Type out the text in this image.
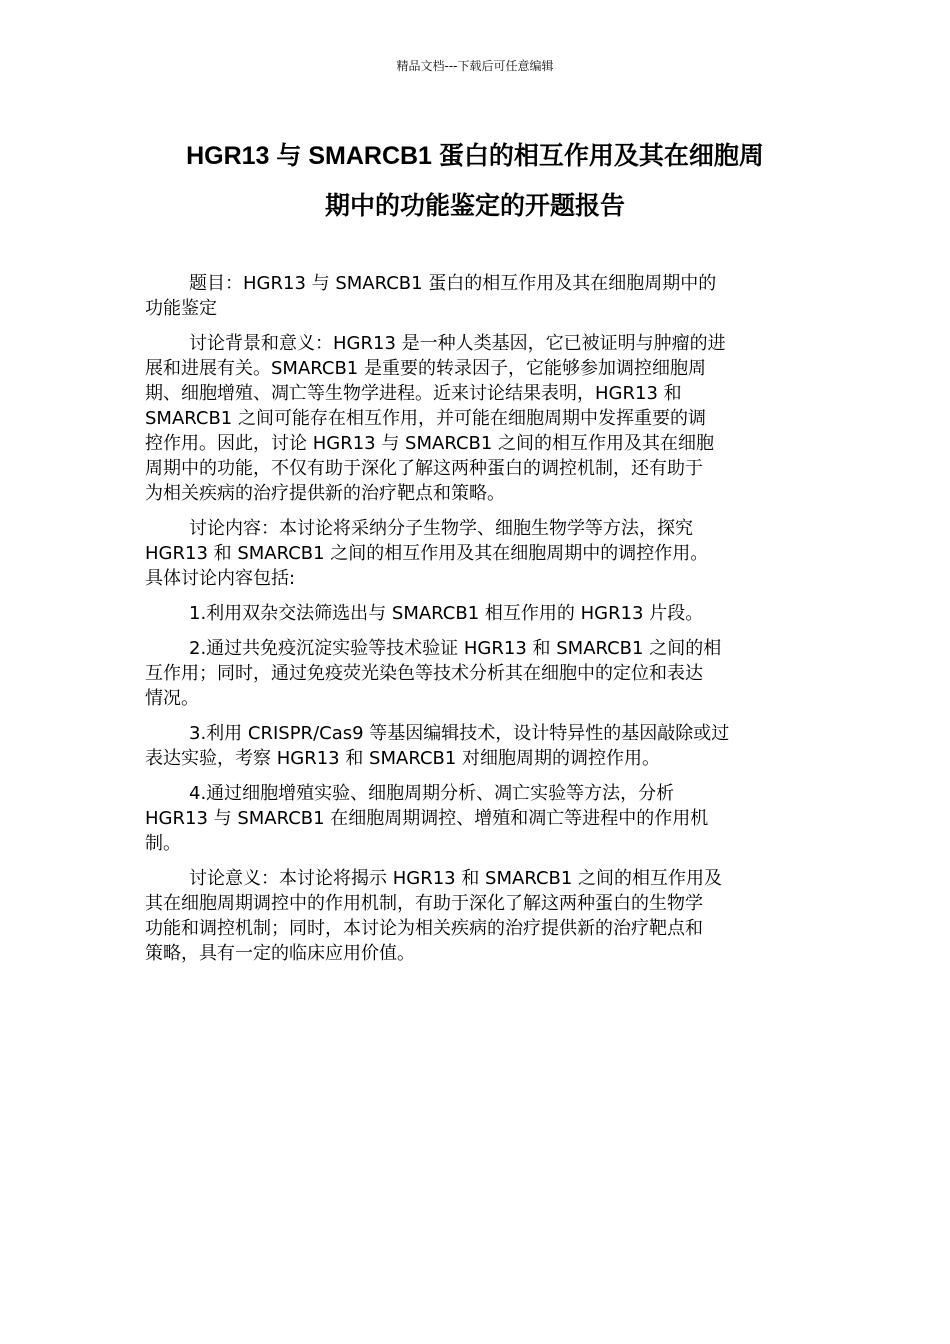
精品文档---下载后可任意编辑
HGR13 与 SMARCB1 蛋白的相互作用及其在细胞周
期中的功能鉴定的开题报告

题目：HGR13 与 SMARCB1 蛋白的相互作用及其在细胞周期中的
功能鉴定

讨论背景和意义：HGR13 是一种人类基因，它已被证明与肿瘤的进
展和进展有关。SMARCB1 是重要的转录因子，它能够参加调控细胞周
期、细胞增殖、凋亡等生物学进程。近来讨论结果表明，HGR13 和
SMARCB1 之间可能存在相互作用，并可能在细胞周期中发挥重要的调
控作用。因此，讨论 HGR13 与 SMARCB1 之间的相互作用及其在细胞
周期中的功能，不仅有助于深化了解这两种蛋白的调控机制，还有助于
为相关疾病的治疗提供新的治疗靶点和策略。

讨论内容：本讨论将采纳分子生物学、细胞生物学等方法，探究
HGR13 和 SMARCB1 之间的相互作用及其在细胞周期中的调控作用。
具体讨论内容包括:

1.利用双杂交法筛选出与 SMARCB1 相互作用的 HGR13 片段。

2.通过共免疫沉淀实验等技术验证 HGR13 和 SMARCB1 之间的相
互作用；同时，通过免疫荧光染色等技术分析其在细胞中的定位和表达
情况。

3.利用 CRISPR/Cas9 等基因编辑技术，设计特异性的基因敲除或过
表达实验，考察 HGR13 和 SMARCB1 对细胞周期的调控作用。

4.通过细胞增殖实验、细胞周期分析、凋亡实验等方法，分析
HGR13 与 SMARCB1 在细胞周期调控、增殖和凋亡等进程中的作用机
制。

讨论意义：本讨论将揭示 HGR13 和 SMARCB1 之间的相互作用及
其在细胞周期调控中的作用机制，有助于深化了解这两种蛋白的生物学
功能和调控机制；同时，本讨论为相关疾病的治疗提供新的治疗靶点和
策略，具有一定的临床应用价值。
